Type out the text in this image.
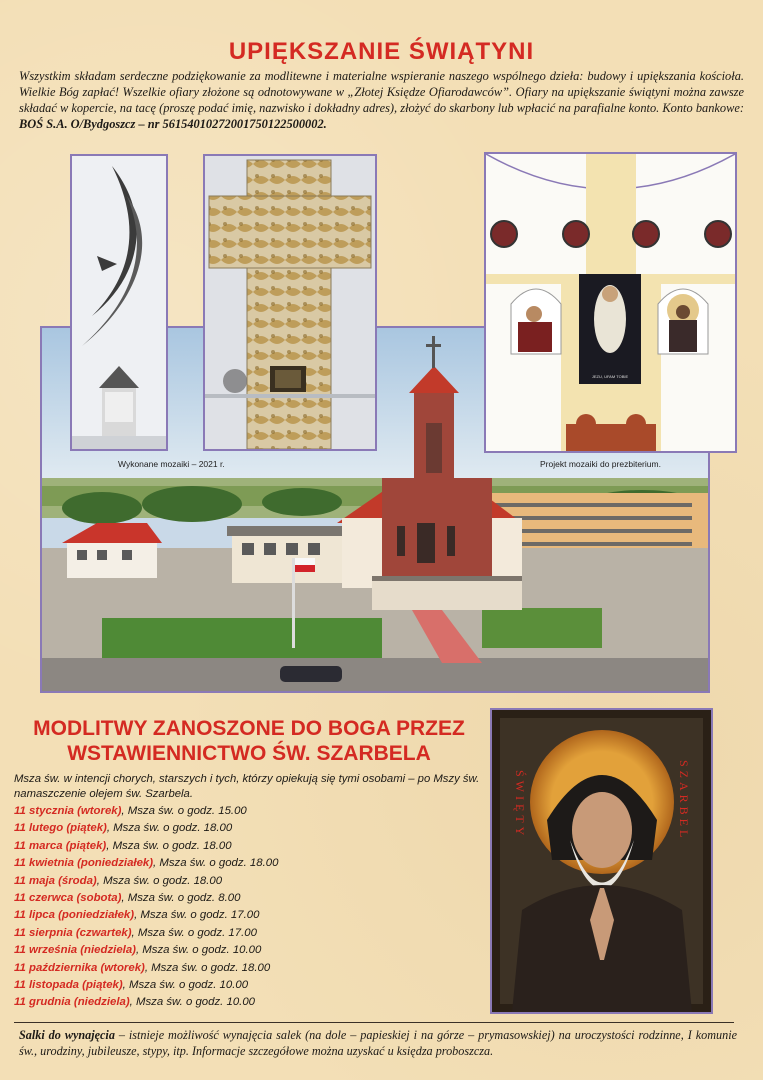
UPIĘKSZANIE ŚWIĄTYNI
Wszystkim składam serdeczne podziękowanie za modlitewne i materialne wspieranie naszego wspólnego dzieła: budowy i upiększania kościoła. Wielkie Bóg zapłać! Wszelkie ofiary złożone są odnotowywane w „Złotej Księdze Ofiarodawców”. Ofiary na upiększanie świątyni można zawsze składać w kopercie, na tacę (proszę podać imię, nazwisko i dokładny adres), złożyć do skarbony lub wpłacić na parafialne konto. Konto bankowe: BOŚ S.A. O/Bydgoszcz – nr 56154010272001750122500002.
JEZU, UFAM TOBIE
Wykonane mozaiki – 2021 r.	Projekt mozaiki do prezbiterium.
MODLITWY ZANOSZONE DO BOGA PRZEZ
WSTAWIENNICTWO ŚW. SZARBELA
Msza św. w intencji chorych, starszych i tych, którzy opiekują się tymi osobami – po Mszy św. namaszczenie olejem św. Szarbela.
11 stycznia (wtorek), Msza św. o godz. 15.00
11 lutego (piątek), Msza św. o godz. 18.00
11 marca (piątek), Msza św. o godz. 18.00
11 kwietnia (poniedziałek), Msza św. o godz. 18.00
11 maja (środa), Msza św. o godz. 18.00
11 czerwca (sobota), Msza św. o godz. 8.00
11 lipca (poniedziałek), Msza św. o godz. 17.00
11 sierpnia (czwartek), Msza św. o godz. 17.00
11 września (niedziela), Msza św. o godz. 10.00
11 października (wtorek), Msza św. o godz. 18.00
11 listopada (piątek), Msza św. o godz. 10.00
11 grudnia (niedziela), Msza św. o godz. 10.00
ŚWIĘTY	SZARBEL
Salki do wynajęcia – istnieje możliwość wynajęcia salek (na dole – papieskiej i na górze – prymasowskiej) na uroczystości rodzinne, I komunie św., urodziny, jubileusze, stypy, itp. Informacje szczegółowe można uzyskać u księdza proboszcza.
